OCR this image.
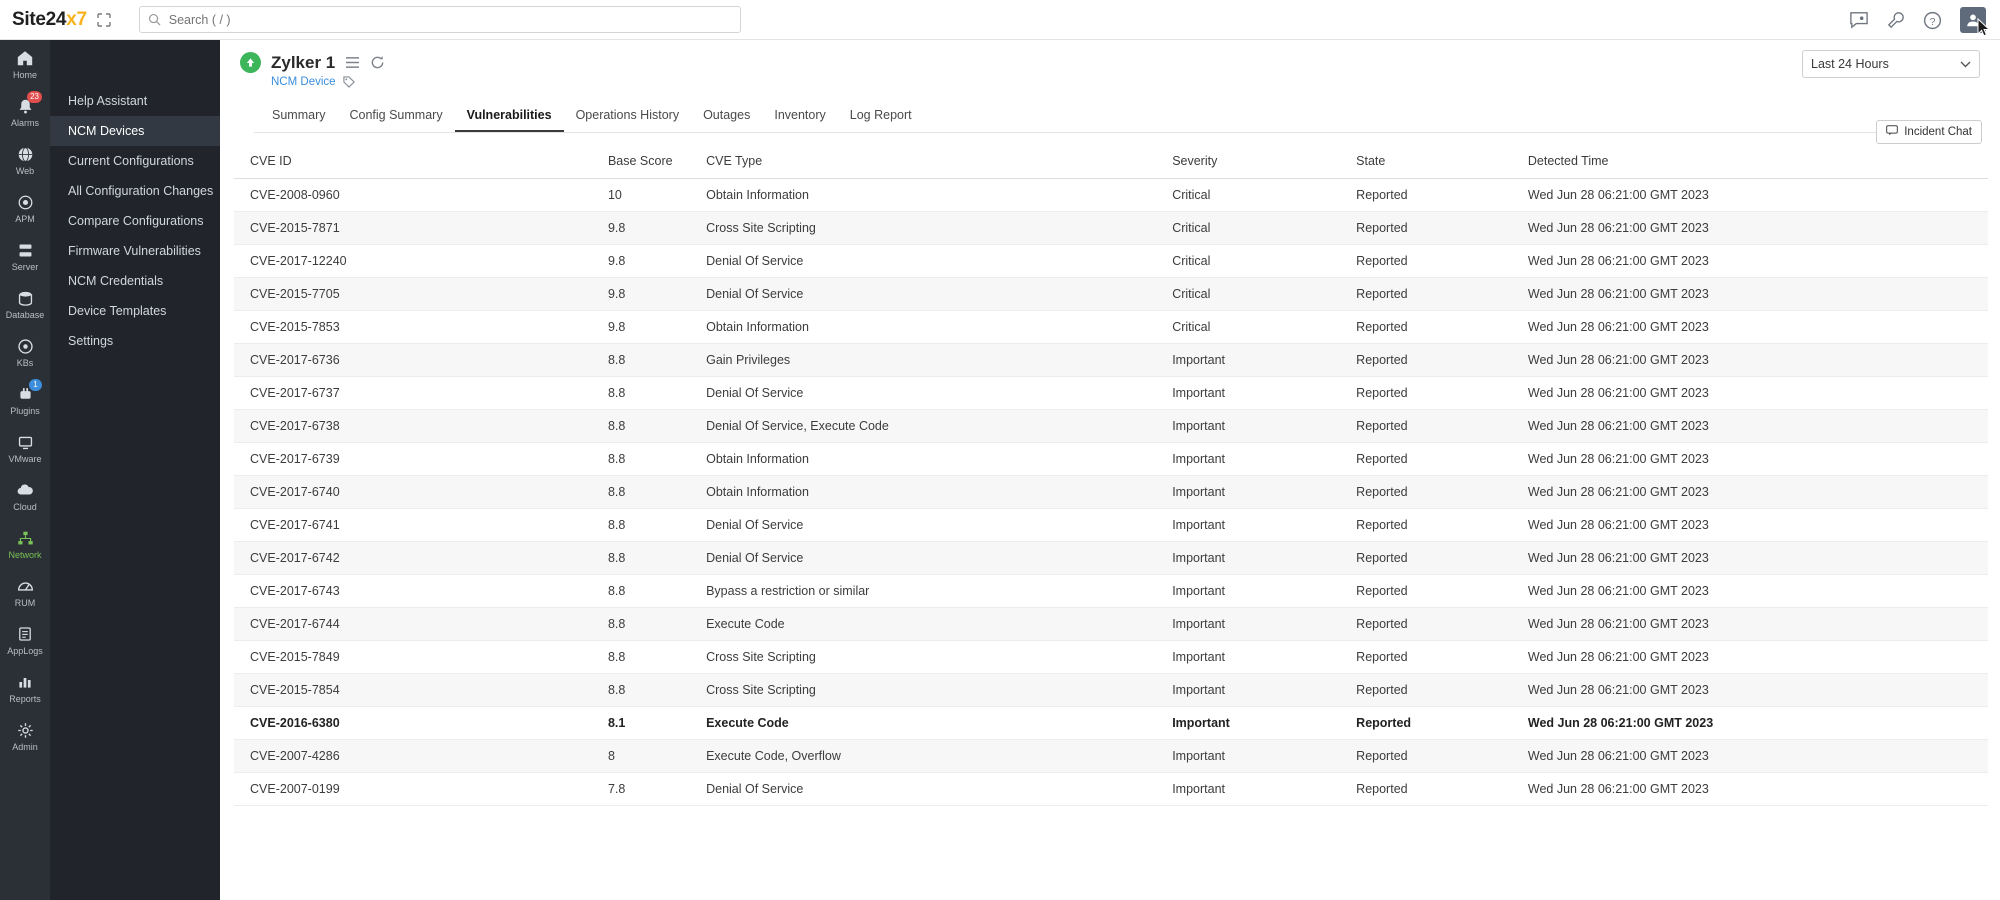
Site24x7
Search ( / )	?
Home
23
Alarms
Web
APM
Server
Database
KBs
1
Plugins
VMware
Cloud
Network
RUM
AppLogs
Reports
Admin
Help Assistant
NCM Devices
Current Configurations
All Configuration Changes
Compare Configurations
Firmware Vulnerabilities
NCM Credentials
Device Templates
Settings
Zylker 1
NCM Device
Last 24 Hours
Incident Chat
Summary	Config Summary	Vulnerabilities	Operations History	Outages	Inventory	Log Report
CVE ID	Base Score	CVE Type	Severity	State	Detected Time
CVE-2008-0960	10	Obtain Information	Critical	Reported	Wed Jun 28 06:21:00 GMT 2023
CVE-2015-7871	9.8	Cross Site Scripting	Critical	Reported	Wed Jun 28 06:21:00 GMT 2023
CVE-2017-12240	9.8	Denial Of Service	Critical	Reported	Wed Jun 28 06:21:00 GMT 2023
CVE-2015-7705	9.8	Denial Of Service	Critical	Reported	Wed Jun 28 06:21:00 GMT 2023
CVE-2015-7853	9.8	Obtain Information	Critical	Reported	Wed Jun 28 06:21:00 GMT 2023
CVE-2017-6736	8.8	Gain Privileges	Important	Reported	Wed Jun 28 06:21:00 GMT 2023
CVE-2017-6737	8.8	Denial Of Service	Important	Reported	Wed Jun 28 06:21:00 GMT 2023
CVE-2017-6738	8.8	Denial Of Service, Execute Code	Important	Reported	Wed Jun 28 06:21:00 GMT 2023
CVE-2017-6739	8.8	Obtain Information	Important	Reported	Wed Jun 28 06:21:00 GMT 2023
CVE-2017-6740	8.8	Obtain Information	Important	Reported	Wed Jun 28 06:21:00 GMT 2023
CVE-2017-6741	8.8	Denial Of Service	Important	Reported	Wed Jun 28 06:21:00 GMT 2023
CVE-2017-6742	8.8	Denial Of Service	Important	Reported	Wed Jun 28 06:21:00 GMT 2023
CVE-2017-6743	8.8	Bypass a restriction or similar	Important	Reported	Wed Jun 28 06:21:00 GMT 2023
CVE-2017-6744	8.8	Execute Code	Important	Reported	Wed Jun 28 06:21:00 GMT 2023
CVE-2015-7849	8.8	Cross Site Scripting	Important	Reported	Wed Jun 28 06:21:00 GMT 2023
CVE-2015-7854	8.8	Cross Site Scripting	Important	Reported	Wed Jun 28 06:21:00 GMT 2023
CVE-2016-6380	8.1	Execute Code	Important	Reported	Wed Jun 28 06:21:00 GMT 2023
CVE-2007-4286	8	Execute Code, Overflow	Important	Reported	Wed Jun 28 06:21:00 GMT 2023
CVE-2007-0199	7.8	Denial Of Service	Important	Reported	Wed Jun 28 06:21:00 GMT 2023
